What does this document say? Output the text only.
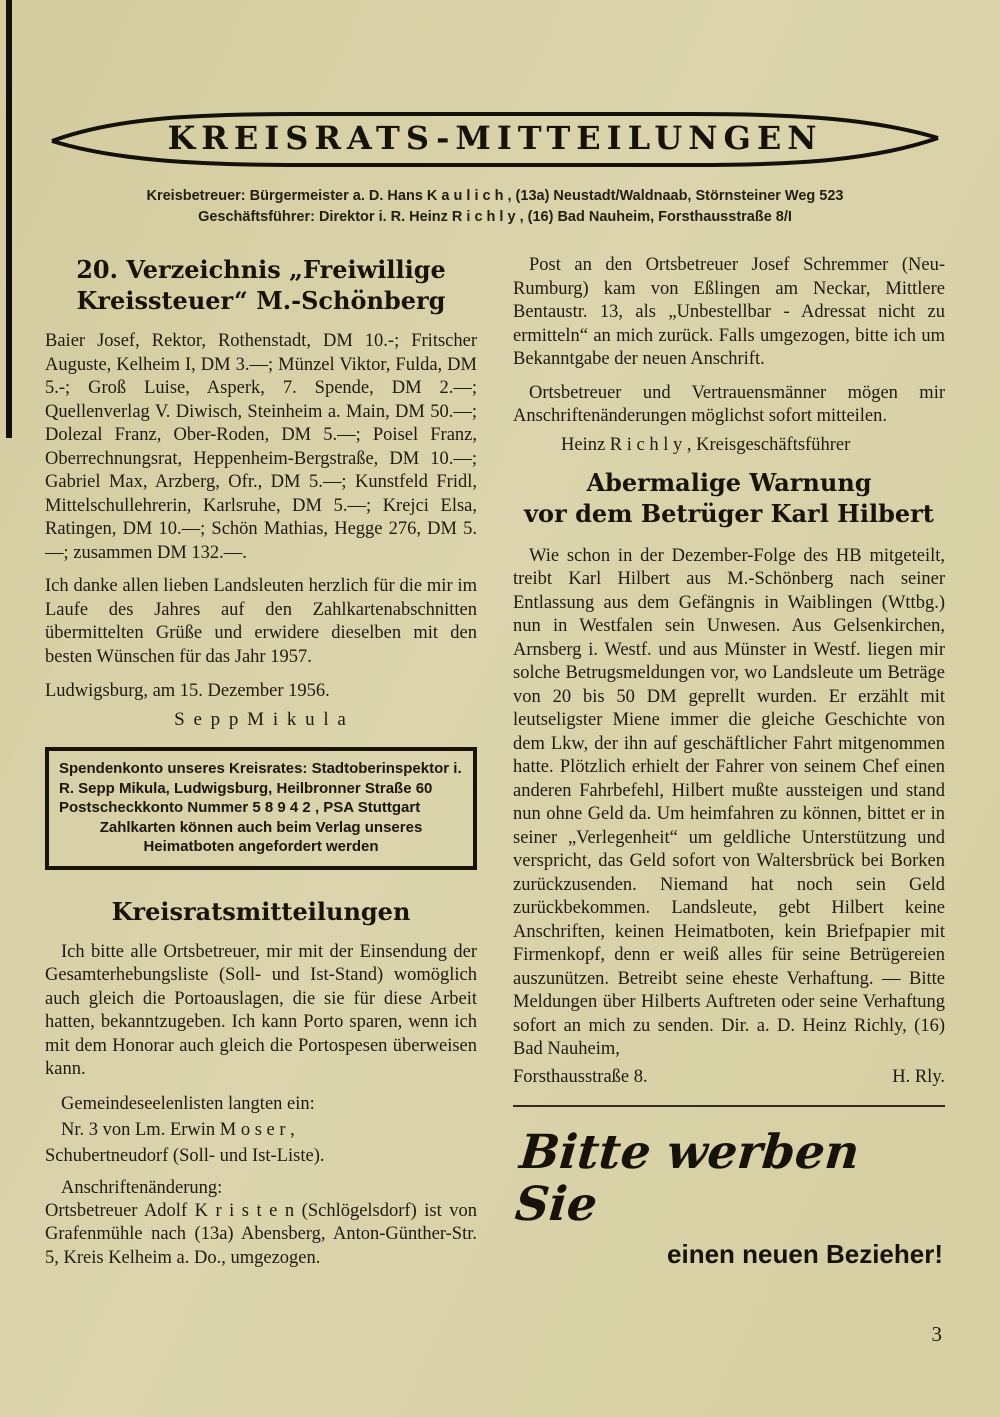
KREISRATS-MITTEILUNGEN

Kreisbetreuer: Bürgermeister a. D. Hans K a u l i c h , (13a) Neustadt/Waldnaab, Störnsteiner Weg 523

Geschäftsführer: Direktor i. R. Heinz R i c h l y , (16) Bad Nauheim, Forsthausstraße 8/I

20. Verzeichnis „Freiwillige
Kreissteuer“ M.-Schönberg

Baier Josef, Rektor, Rothenstadt, DM 10.-; Fritscher Auguste, Kelheim I, DM 3.—; Münzel Viktor, Fulda, DM 5.-; Groß Luise, Asperk, 7. Spende, DM 2.—; Quellenverlag V. Diwisch, Steinheim a. Main, DM 50.—; Dolezal Franz, Ober-Roden, DM 5.—; Poisel Franz, Oberrechnungsrat, Heppenheim-Bergstraße, DM 10.—; Gabriel Max, Arzberg, Ofr., DM 5.—; Kunstfeld Fridl, Mittelschullehrerin, Karlsruhe, DM 5.—; Krejci Elsa, Ratingen, DM 10.—; Schön Mathias, Hegge 276, DM 5.—; zusammen DM 132.—.

Ich danke allen lieben Landsleuten herzlich für die mir im Laufe des Jahres auf den Zahlkartenabschnitten übermittelten Grüße und erwidere dieselben mit den besten Wünschen für das Jahr 1957.

Ludwigsburg, am 15. Dezember 1956.

S e p p M i k u l a

Spendenkonto unseres Kreisrates: Stadtoberinspektor i. R. Sepp Mikula, Ludwigsburg, Heilbronner Straße 60

Postscheckkonto Nummer 5 8 9 4 2 , PSA Stuttgart

Zahlkarten können auch beim Verlag unseres Heimatboten angefordert werden

Kreisratsmitteilungen

Ich bitte alle Ortsbetreuer, mir mit der Einsendung der Gesamterhebungsliste (Soll- und Ist-Stand) womöglich auch gleich die Portoauslagen, die sie für diese Arbeit hatten, bekanntzugeben. Ich kann Porto sparen, wenn ich mit dem Honorar auch gleich die Portospesen überweisen kann.

Gemeindeseelenlisten langten ein:

Nr. 3 von Lm. Erwin M o s e r ,

Schubertneudorf (Soll- und Ist-Liste).

Anschriftenänderung:

Ortsbetreuer Adolf K r i s t e n (Schlögelsdorf) ist von Grafenmühle nach (13a) Abensberg, Anton-Günther-Str. 5, Kreis Kelheim a. Do., umgezogen.

Post an den Ortsbetreuer Josef Schremmer (Neu-Rumburg) kam von Eßlingen am Neckar, Mittlere Bentaustr. 13, als „Unbestellbar - Adressat nicht zu ermitteln“ an mich zurück. Falls umgezogen, bitte ich um Bekanntgabe der neuen Anschrift.

Ortsbetreuer und Vertrauensmänner mögen mir Anschriftenänderungen möglichst sofort mitteilen.

Heinz R i c h l y , Kreisgeschäftsführer

Abermalige Warnung
vor dem Betrüger Karl Hilbert

Wie schon in der Dezember-Folge des HB mitgeteilt, treibt Karl Hilbert aus M.-Schönberg nach seiner Entlassung aus dem Gefängnis in Waiblingen (Wttbg.) nun in Westfalen sein Unwesen. Aus Gelsenkirchen, Arnsberg i. Westf. und aus Münster in Westf. liegen mir solche Betrugsmeldungen vor, wo Landsleute um Beträge von 20 bis 50 DM geprellt wurden. Er erzählt mit leutseligster Miene immer die gleiche Geschichte von dem Lkw, der ihn auf geschäftlicher Fahrt mitgenommen hatte. Plötzlich erhielt der Fahrer von seinem Chef einen anderen Fahrbefehl, Hilbert mußte aussteigen und stand nun ohne Geld da. Um heimfahren zu können, bittet er in seiner „Verlegenheit“ um geldliche Unterstützung und verspricht, das Geld sofort von Waltersbrück bei Borken zurückzusenden. Niemand hat noch sein Geld zurückbekommen. Landsleute, gebt Hilbert keine Anschriften, keinen Heimatboten, kein Briefpapier mit Firmenkopf, denn er weiß alles für seine Betrügereien auszunützen. Betreibt seine eheste Verhaftung. — Bitte Meldungen über Hilberts Auftreten oder seine Verhaftung sofort an mich zu senden. Dir. a. D. Heinz Richly, (16) Bad Nauheim,

Forsthausstraße 8.	H. Rly.

Bitte werben Sie

einen neuen Bezieher!

3
